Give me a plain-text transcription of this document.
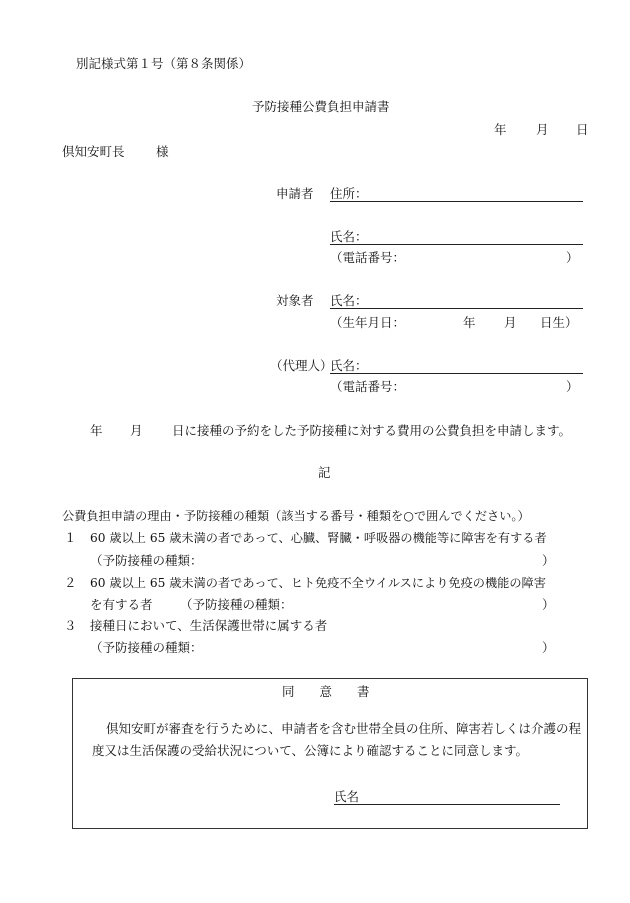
別記様式第１号（第８条関係）
予防接種公費負担申請書
年 月 日
倶知安町長	様
申請者 住所：
氏名：
（電話番号：	）
対象者 氏名：
（生年月日：	年 月 日生）
（代理人）
氏名：
（電話番号：	）
年 月 日に接種の予約をした予防接種に対する費用の公費負担を申請します。
記
公費負担申請の理由・予防接種の種類（該当する番号・種類を○で囲んでください。）
１ 60 歳以上 65 歳未満の者であって、心臓、腎臓・呼吸器の機能等に障害を有する者
（予防接種の種類：	）
２ 60 歳以上 65 歳未満の者であって、ヒト免疫不全ウイルスにより免疫の機能の障害
を有する者 （予防接種の種類：	）
３ 接種日において、生活保護世帯に属する者
（予防接種の種類：	）
同　　意　　書
倶知安町が審査を行うために、申請者を含む世帯全員の住所、障害若しくは介護の程度又は生活保護の受給状況について、公簿により確認することに同意します。
氏名
